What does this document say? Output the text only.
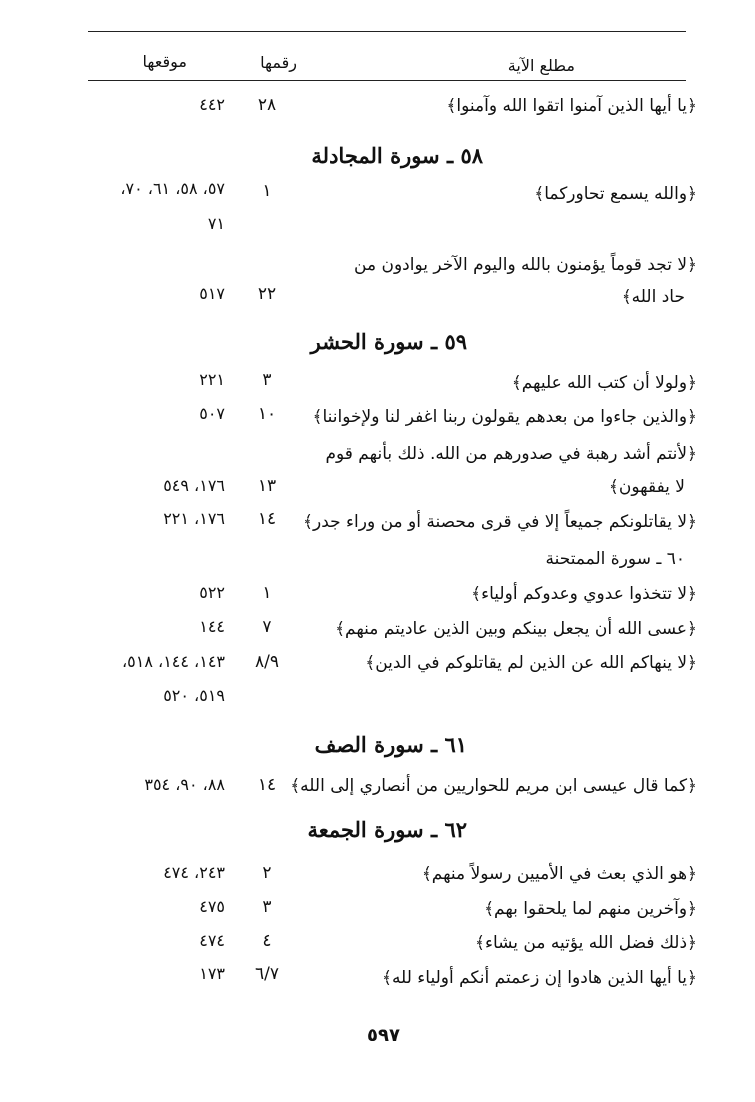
مطلع الآية
رقمها
موقعها
﴿يا أيها الذين آمنوا اتقوا الله وآمنوا﴾
٢٨
٤٤٢
٥٨ ـ سورة المجادلة
﴿والله يسمع تحاوركما﴾
١
٥٧، ٥٨، ٦١، ٧٠،
٧١
﴿لا تجد قوماً يؤمنون بالله واليوم الآخر يوادون من
حاد الله﴾
٢٢
٥١٧
٥٩ ـ سورة الحشر
﴿ولولا أن كتب الله عليهم﴾
٣
٢٢١
﴿والذين جاءوا من بعدهم يقولون ربنا اغفر لنا ولإخواننا﴾
١٠
٥٠٧
﴿لأنتم أشد رهبة في صدورهم من الله. ذلك بأنهم قوم
لا يفقهون﴾
١٣
١٧٦، ٥٤٩
﴿لا يقاتلونكم جميعاً إلا في قرى محصنة أو من وراء جدر﴾
١٤
١٧٦، ٢٢١
٦٠ ـ سورة الممتحنة
﴿لا تتخذوا عدوي وعدوكم أولياء﴾
١
٥٢٢
﴿عسى الله أن يجعل بينكم وبين الذين عاديتم منهم﴾
٧
١٤٤
﴿لا ينهاكم الله عن الذين لم يقاتلوكم في الدين﴾
٨/٩
١٤٣، ١٤٤، ٥١٨،
٥١٩، ٥٢٠
٦١ ـ سورة الصف
﴿كما قال عيسى ابن مريم للحواريين من أنصاري إلى الله﴾
١٤
٨٨، ٩٠، ٣٥٤
٦٢ ـ سورة الجمعة
﴿هو الذي بعث في الأميين رسولاً منهم﴾
٢
٢٤٣، ٤٧٤
﴿وآخرين منهم لما يلحقوا بهم﴾
٣
٤٧٥
﴿ذلك فضل الله يؤتيه من يشاء﴾
٤
٤٧٤
﴿يا أيها الذين هادوا إن زعمتم أنكم أولياء لله﴾
٦/٧
١٧٣
٥٩٧
